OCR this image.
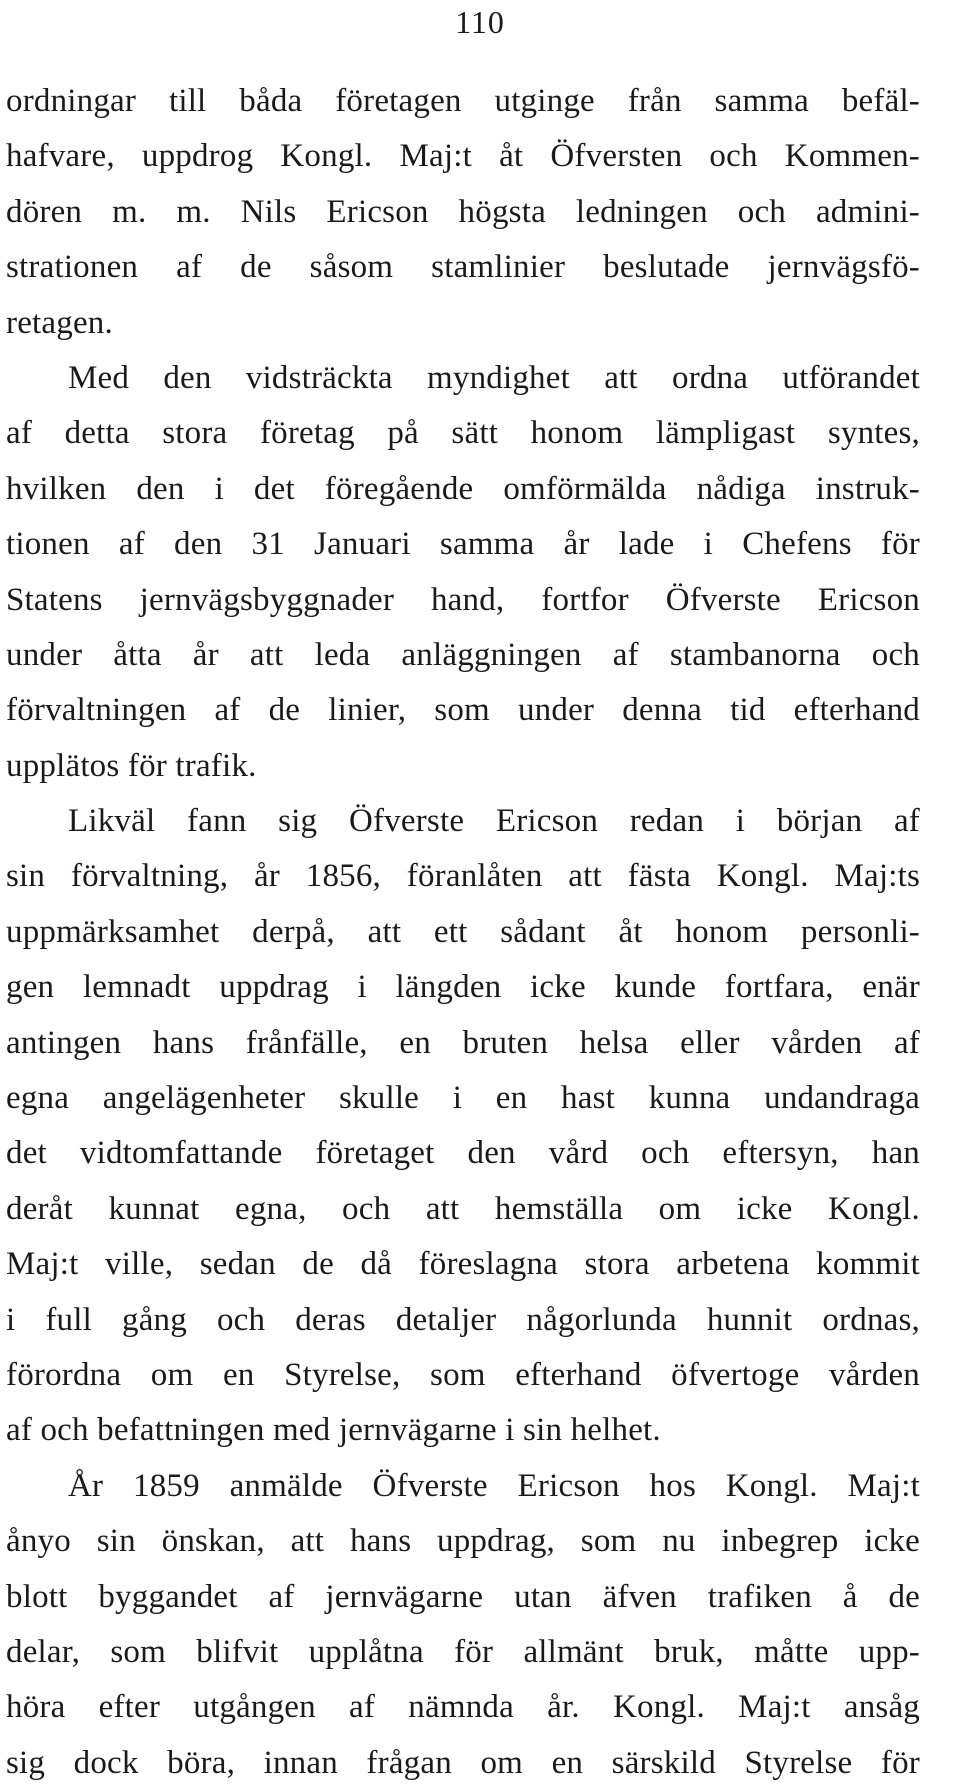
110
ordningar till båda företagen utginge från samma befäl-
hafvare, uppdrog Kongl. Maj:t åt Öfversten och Kommen-
dören m. m. Nils Ericson högsta ledningen och admini-
strationen af de såsom stamlinier beslutade jernvägsfö-
retagen.
Med den vidsträckta myndighet att ordna utförandet
af detta stora företag på sätt honom lämpligast syntes,
hvilken den i det föregående omförmälda nådiga instruk-
tionen af den 31 Januari samma år lade i Chefens för
Statens jernvägsbyggnader hand, fortfor Öfverste Ericson
under åtta år att leda anläggningen af stambanorna och
förvaltningen af de linier, som under denna tid efterhand
upplätos för trafik.
Likväl fann sig Öfverste Ericson redan i början af
sin förvaltning, år 1856, föranlåten att fästa Kongl. Maj:ts
uppmärksamhet derpå, att ett sådant åt honom personli-
gen lemnadt uppdrag i längden icke kunde fortfara, enär
antingen hans frånfälle, en bruten helsa eller vården af
egna angelägenheter skulle i en hast kunna undandraga
det vidtomfattande företaget den vård och eftersyn, han
deråt kunnat egna, och att hemställa om icke Kongl.
Maj:t ville, sedan de då föreslagna stora arbetena kommit
i full gång och deras detaljer någorlunda hunnit ordnas,
förordna om en Styrelse, som efterhand öfvertoge vården
af och befattningen med jernvägarne i sin helhet.
År 1859 anmälde Öfverste Ericson hos Kongl. Maj:t
ånyo sin önskan, att hans uppdrag, som nu inbegrep icke
blott byggandet af jernvägarne utan äfven trafiken å de
delar, som blifvit upplåtna för allmänt bruk, måtte upp-
höra efter utgången af nämnda år. Kongl. Maj:t ansåg
sig dock böra, innan frågan om en särskild Styrelse för
